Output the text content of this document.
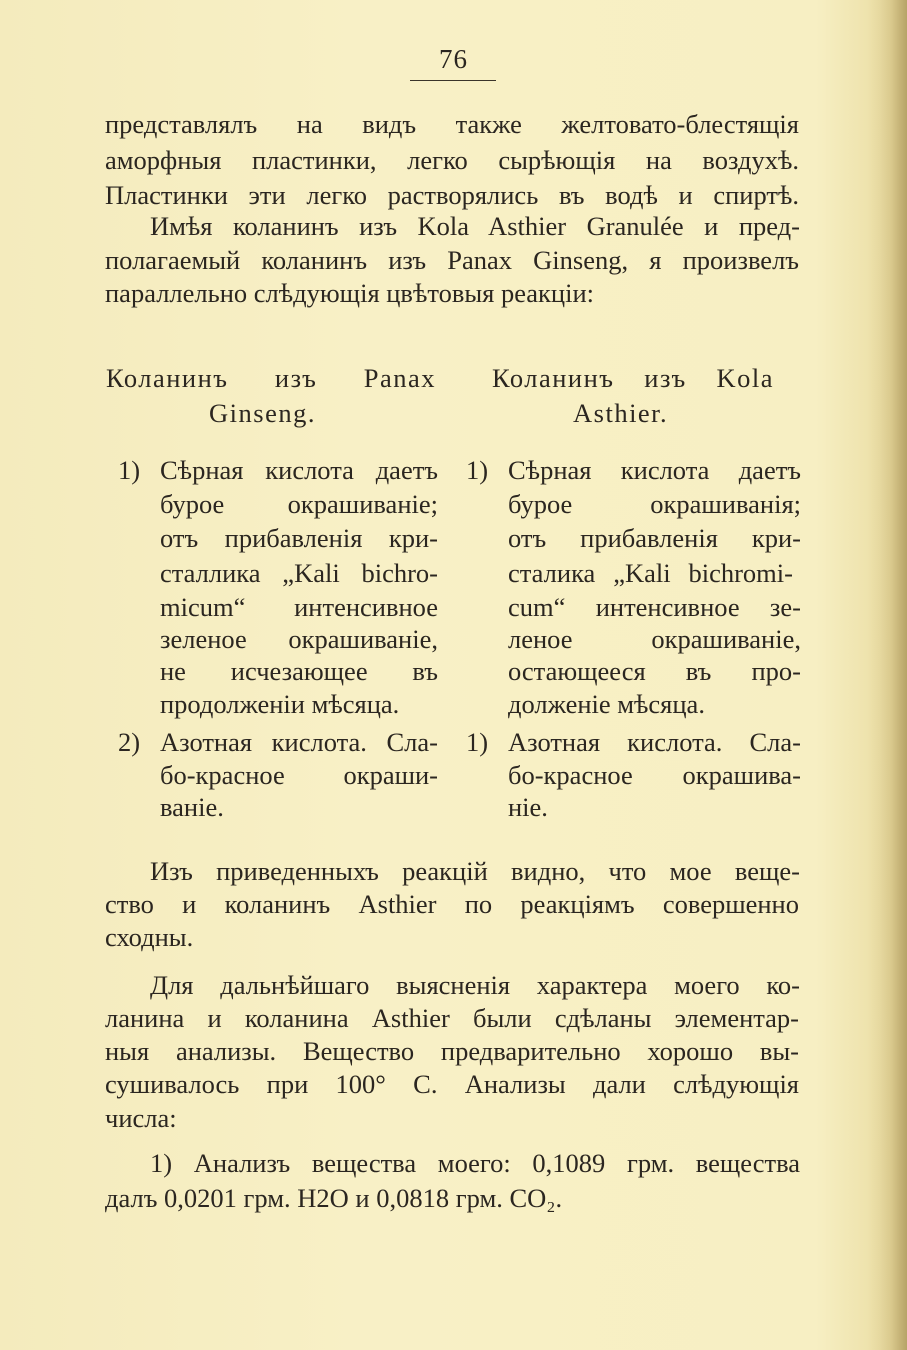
76
представлялъ на видъ также желтовато-блестящія
аморфныя пластинки, легко сырѣющія на воздухѣ.
Пластинки эти легко растворялись въ водѣ и спиртѣ.
Имѣя коланинъ изъ Kola Asthier Granulée и пред-
полагаемый коланинъ изъ Panax Ginseng, я произвелъ
параллельно слѣдующія цвѣтовыя реакціи:
Коланинъ изъ Panax
Ginseng.
1) Сѣрная кислота даетъ
бурое окрашиваніе;
отъ прибавленія кри-
сталлика „Kali bichro-
micum“ интенсивное
зеленое окрашиваніе,
не исчезающее въ
продолженіи мѣсяца.
2) Азотная кислота. Сла-
бо-красное окраши-
ваніе.
Коланинъ изъ Kola
Asthier.
1) Сѣрная кислота даетъ
бурое окрашиванія;
отъ прибавленія кри-
сталика „Kali bichromi-
cum“ интенсивное зе-
леное окрашиваніе,
остающееся въ про-
долженіе мѣсяца.
1) Азотная кислота. Сла-
бо-красное окрашива-
ніе.
Изъ приведенныхъ реакцій видно, что мое веще-
ство и коланинъ Asthier по реакціямъ совершенно
сходны.
Для дальнѣйшаго выясненія характера моего ко-
ланина и коланина Asthier были сдѣланы элементар-
ныя анализы. Вещество предварительно хорошо вы-
сушивалось при 100° С. Анализы дали слѣдующія
числа:
1) Анализъ вещества моего: 0,1089 грм. вещества
далъ 0,0201 грм. H2O и 0,0818 грм. CO₂.
